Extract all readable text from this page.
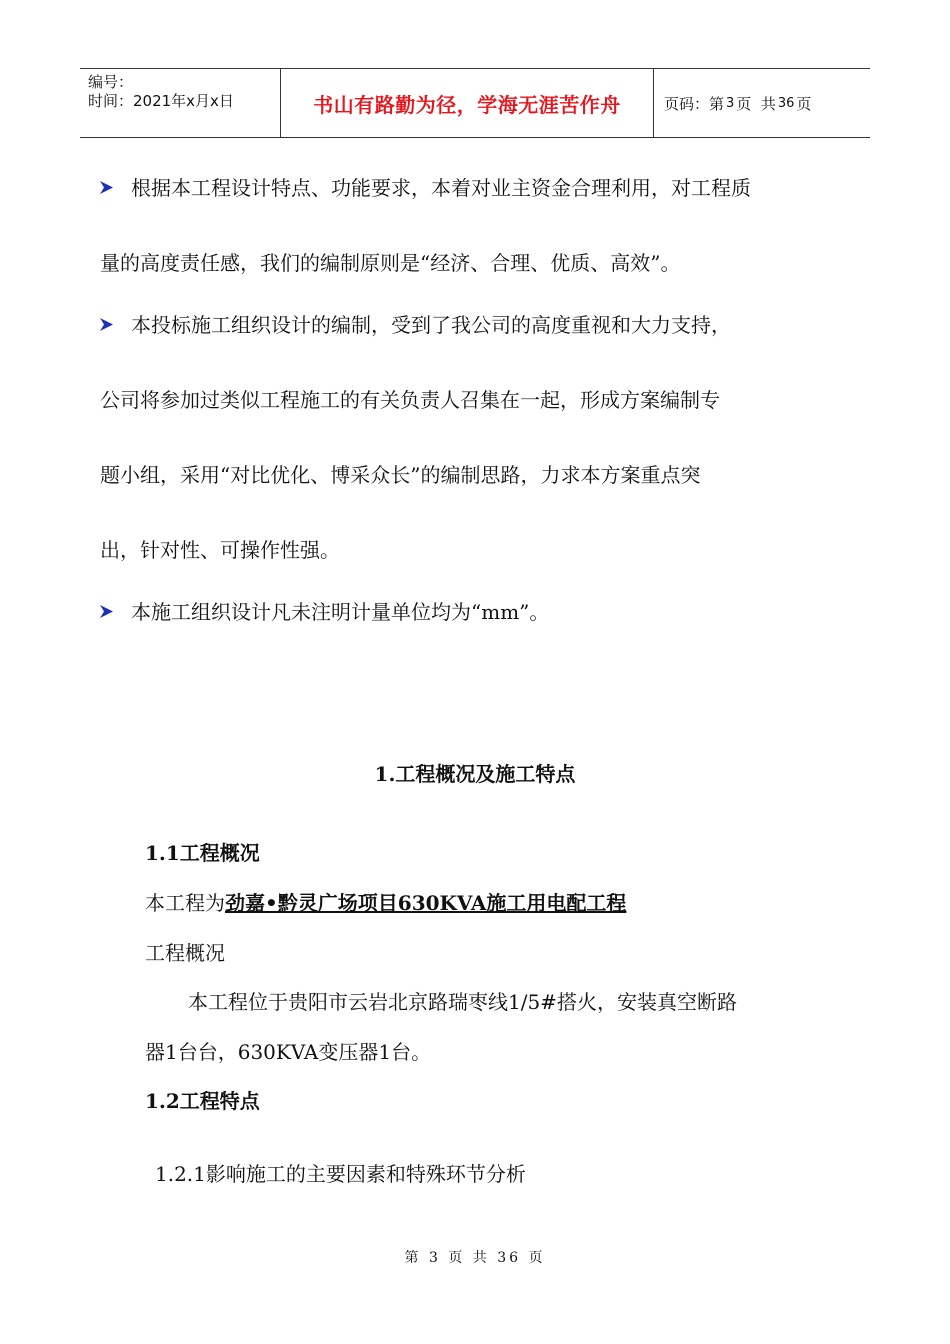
编号：
时间：2021年x月x日	书山有路勤为径，学海无涯苦作舟	页码：第 3 页  共 36 页
根据本工程设计特点、功能要求，本着对业主资金合理利用，对工程质
量的高度责任感，我们的编制原则是“经济、合理、优质、高效”。
本投标施工组织设计的编制，受到了我公司的高度重视和大力支持，
公司将参加过类似工程施工的有关负责人召集在一起，形成方案编制专
题小组，采用“对比优化、博采众长”的编制思路，力求本方案重点突
出，针对性、可操作性强。
本施工组织设计凡未注明计量单位均为“mm”。
1.工程概况及施工特点
1.1工程概况
本工程为劲嘉•黔灵广场项目630KVA施工用电配工程
工程概况
本工程位于贵阳市云岩北京路瑞枣线1/5#搭火，安装真空断路
器1台台，630KVA变压器1台。
1.2工程特点
1.2.1影响施工的主要因素和特殊环节分析
第 3 页 共 36 页
